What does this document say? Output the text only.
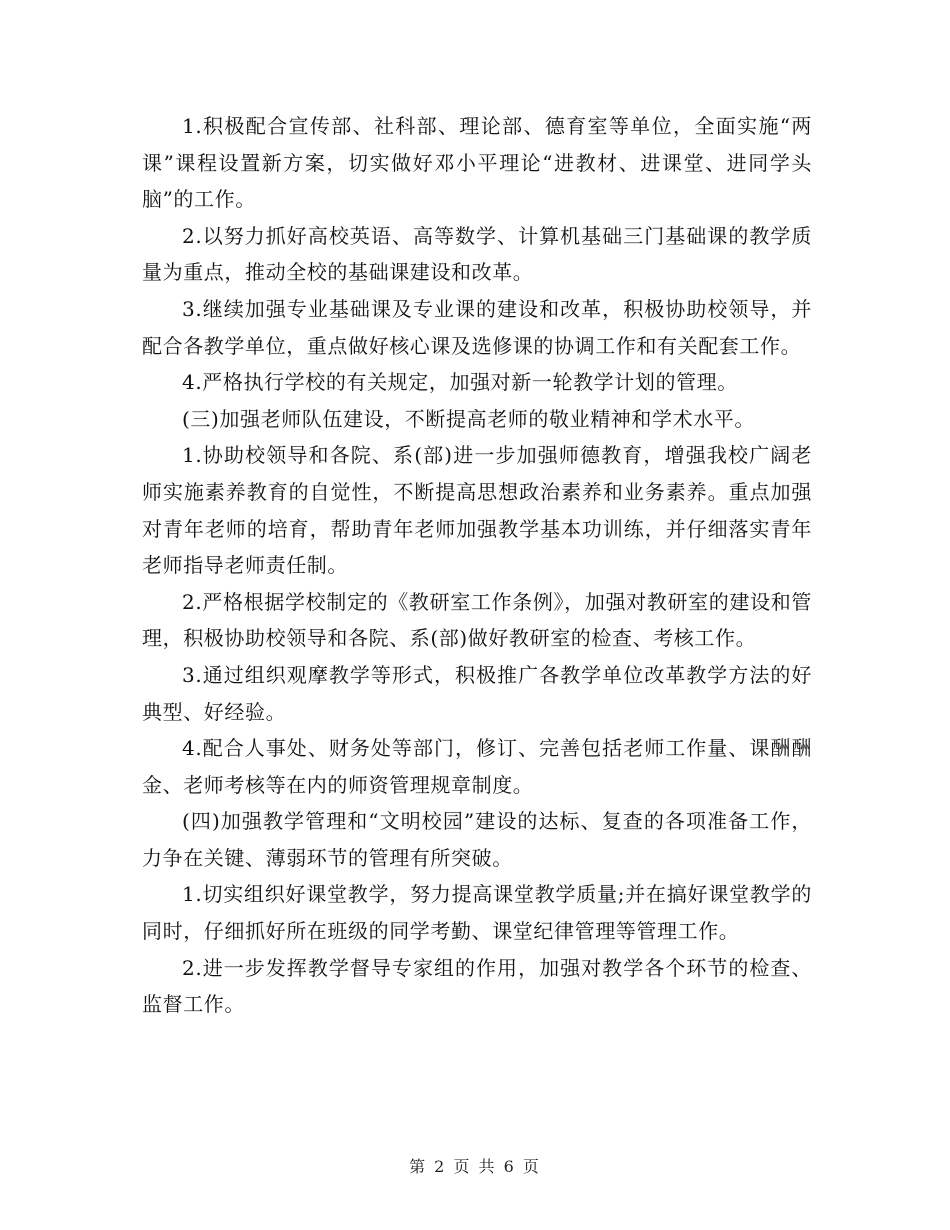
1.积极配合宣传部、社科部、理论部、德育室等单位，全面实施“两课”课程设置新方案，切实做好邓小平理论“进教材、进课堂、进同学头脑”的工作。

2.以努力抓好高校英语、高等数学、计算机基础三门基础课的教学质量为重点，推动全校的基础课建设和改革。

3.继续加强专业基础课及专业课的建设和改革，积极协助校领导，并配合各教学单位，重点做好核心课及选修课的协调工作和有关配套工作。

4.严格执行学校的有关规定，加强对新一轮教学计划的管理。

(三)加强老师队伍建设，不断提高老师的敬业精神和学术水平。

1.协助校领导和各院、系(部)进一步加强师德教育，增强我校广阔老师实施素养教育的自觉性，不断提高思想政治素养和业务素养。重点加强对青年老师的培育，帮助青年老师加强教学基本功训练，并仔细落实青年老师指导老师责任制。

2.严格根据学校制定的《教研室工作条例》，加强对教研室的建设和管理，积极协助校领导和各院、系(部)做好教研室的检查、考核工作。

3.通过组织观摩教学等形式，积极推广各教学单位改革教学方法的好典型、好经验。

4.配合人事处、财务处等部门，修订、完善包括老师工作量、课酬酬金、老师考核等在内的师资管理规章制度。

(四)加强教学管理和“文明校园”建设的达标、复查的各项准备工作，力争在关键、薄弱环节的管理有所突破。

1.切实组织好课堂教学，努力提高课堂教学质量;并在搞好课堂教学的同时，仔细抓好所在班级的同学考勤、课堂纪律管理等管理工作。

2.进一步发挥教学督导专家组的作用，加强对教学各个环节的检查、监督工作。

第 2 页 共 6 页
